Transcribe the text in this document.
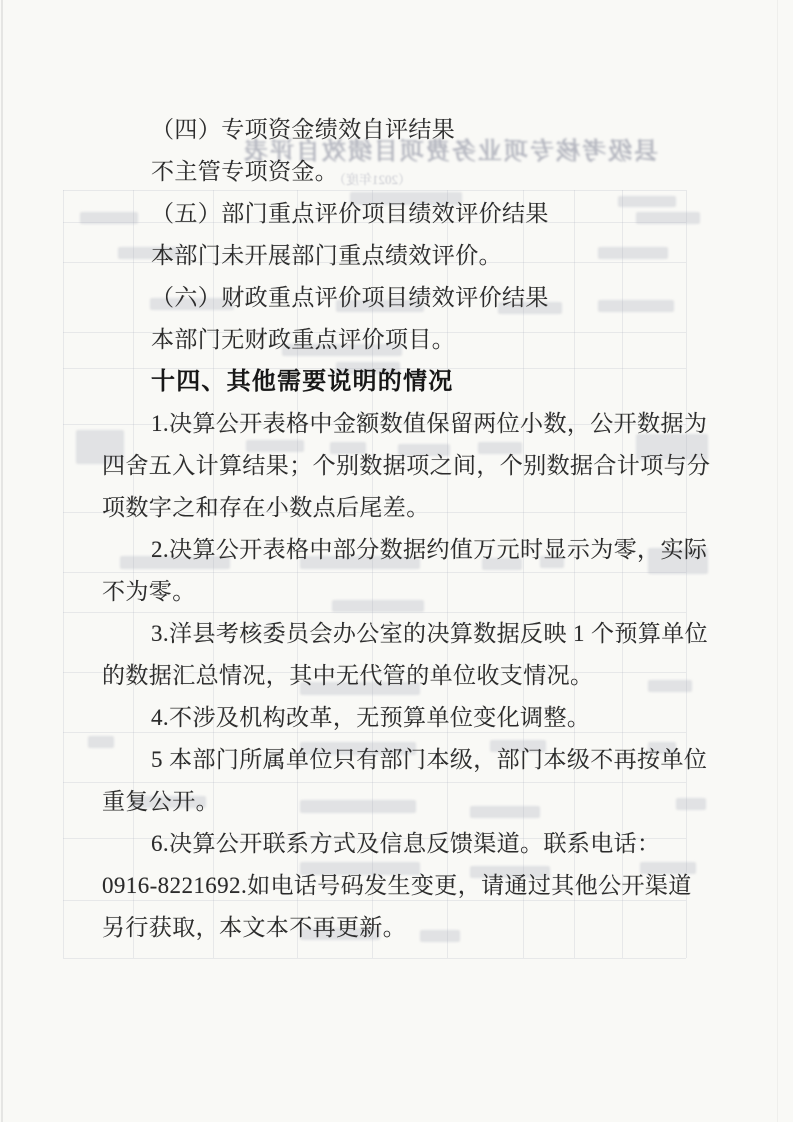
县级考核专项业务费项目绩效自评表
（2021年度）
（四）专项资金绩效自评结果
不主管专项资金。
（五）部门重点评价项目绩效评价结果
本部门未开展部门重点绩效评价。
（六）财政重点评价项目绩效评价结果
本部门无财政重点评价项目。
十四、其他需要说明的情况
1.决算公开表格中金额数值保留两位小数，公开数据为
四舍五入计算结果；个别数据项之间，个别数据合计项与分
项数字之和存在小数点后尾差。
2.决算公开表格中部分数据约值万元时显示为零，实际
不为零。
3.洋县考核委员会办公室的决算数据反映 1 个预算单位
的数据汇总情况，其中无代管的单位收支情况。
4.不涉及机构改革，无预算单位变化调整。
5 本部门所属单位只有部门本级，部门本级不再按单位
重复公开。
6.决算公开联系方式及信息反馈渠道。联系电话：
0916-8221692.如电话号码发生变更，请通过其他公开渠道
另行获取，本文本不再更新。
